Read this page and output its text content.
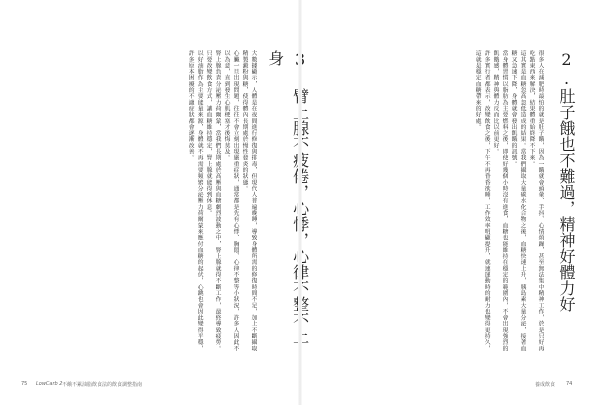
大數據顯示，人體是在夜間進行修復與排毒，但現代人普遍晚睡，導致身體所需的修復時間不足，加上不斷攝取精製澱粉與糖，使得體內長期處於慢性發炎的狀態。
心臟一旦出現問題，往往不會立刻出現嚴重症狀，通常都是先有心悸、胸悶、心律不整等小狀況，許多人因此不以為意，直到發生心肌梗塞才後悔莫及。
腎上腺負責分泌壓力荷爾蒙，當我們長期處於高壓與血糖劇烈波動之中，腎上腺就得不斷工作，最終導致疲勞。只要改變飲食方式，讓血糖維持穩定，腎上腺就能得到休息。
以好油脂作為主要能量來源，身體就不再需要頻繁分泌壓力荷爾蒙來應付血糖的起伏，心跳也會因此變得平穩，許多原本困擾的不適症狀都會逐漸改善。	身	很多人在減肥時最怕的就是肚子餓，因為一餓就會頭暈、手抖、心情煩躁，甚至無法集中精神工作，於是只好再吃點東西來解決，結果體重始終降不下來。
這其實是血糖忽高忽低造成的結果。當我們攝取大量碳水化合物之後，血糖快速上升，胰島素大量分泌，接著血糖又急速下降，身體就會發出飢餓的訊號。
當身體習慣以脂肪為主要燃料之後，即使好幾個小時沒有進食，血糖也能維持在穩定的範圍內，不會出現強烈的飢餓感，精神與體力反而比以前更好。
許多實行者都表示，改變飲食之後，下午不再昏昏欲睡，工作效率明顯提升，就連運動時的耐力也變得更持久，這就是穩定血糖帶來的好處。	2.肚子餓也不難過，精神好體力好
75 LowCarb 2 不餓不累油脂飲食法的飲食調整指南	養成飲食 74
